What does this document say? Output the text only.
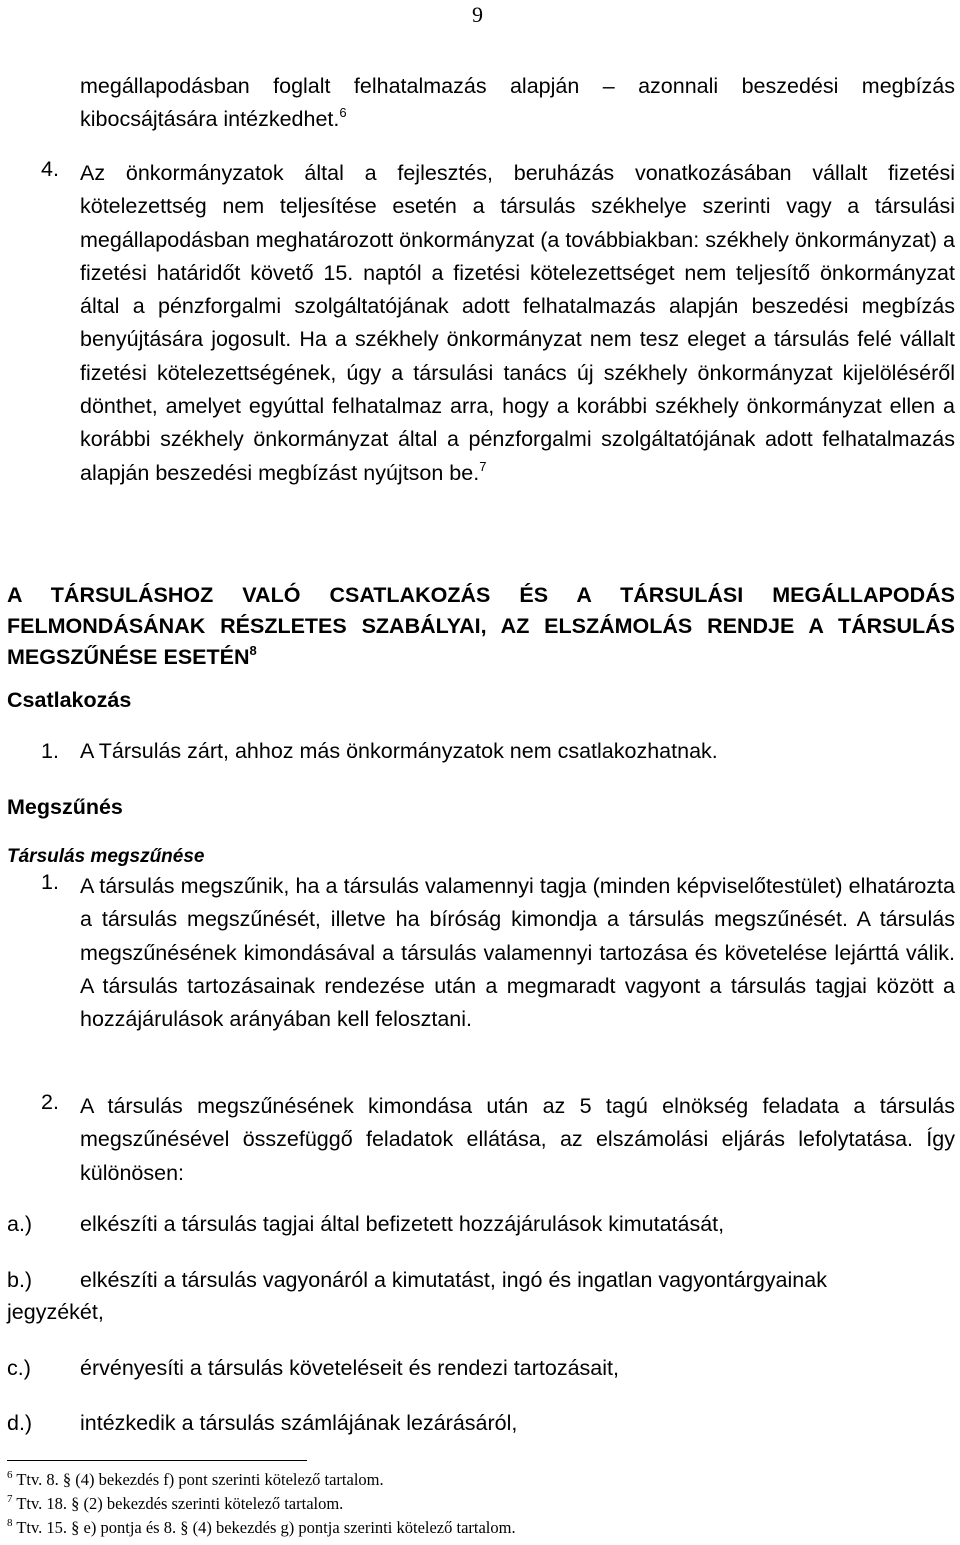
9

megállapodásban foglalt felhatalmazás alapján – azonnali beszedési megbízás kibocsájtására intézkedhet.$^6$

4. Az önkormányzatok által a fejlesztés, beruházás vonatkozásában vállalt fizetési kötelezettség nem teljesítése esetén a társulás székhelye szerinti vagy a társulási megállapodásban meghatározott önkormányzat (a továbbiakban: székhely önkormányzat) a fizetési határidőt követő 15. naptól a fizetési kötelezettséget nem teljesítő önkormányzat által a pénzforgalmi szolgáltatójának adott felhatalmazás alapján beszedési megbízás benyújtására jogosult. Ha a székhely önkormányzat nem tesz eleget a társulás felé vállalt fizetési kötelezettségének, úgy a társulási tanács új székhely önkormányzat kijelöléséről dönthet, amelyet egyúttal felhatalmaz arra, hogy a korábbi székhely önkormányzat ellen a korábbi székhely önkormányzat által a pénzforgalmi szolgáltatójának adott felhatalmazás alapján beszedési megbízást nyújtson be.$^7$

A TÁRSULÁSHOZ VALÓ CSATLAKOZÁS ÉS A TÁRSULÁSI MEGÁLLAPODÁS FELMONDÁSÁNAK RÉSZLETES SZABÁLYAI, AZ ELSZÁMOLÁS RENDJE A TÁRSULÁS MEGSZŰNÉSE ESETÉN$^8$

Csatlakozás
1. A Társulás zárt, ahhoz más önkormányzatok nem csatlakozhatnak.

Megszűnés
Társulás megszűnése
1. A társulás megszűnik, ha a társulás valamennyi tagja (minden képviselőtestület) elhatározta a társulás megszűnését, illetve ha bíróság kimondja a társulás megszűnését. A társulás megszűnésének kimondásával a társulás valamennyi tartozása és követelése lejárttá válik. A társulás tartozásainak rendezése után a megmaradt vagyont a társulás tagjai között a hozzájárulások arányában kell felosztani.

2. A társulás megszűnésének kimondása után az 5 tagú elnökség feladata a társulás megszűnésével összefüggő feladatok ellátása, az elszámolási eljárás lefolytatása. Így különösen:

a.) elkészíti a társulás tagjai által befizetett hozzájárulások kimutatását,

b.) elkészíti a társulás vagyonáról a kimutatást, ingó és ingatlan vagyontárgyainak

jegyzékét,
c.) érvényesíti a társulás követeléseit és rendezi tartozásait,

d.) intézkedik a társulás számlájának lezárásáról,

$^6$ Ttv. 8. § (4) bekezdés f) pont szerinti kötelező tartalom.
$^7$ Ttv. 18. § (2) bekezdés szerinti kötelező tartalom.
$^8$ Ttv. 15. § e) pontja és 8. § (4) bekezdés g) pontja szerinti kötelező tartalom.
